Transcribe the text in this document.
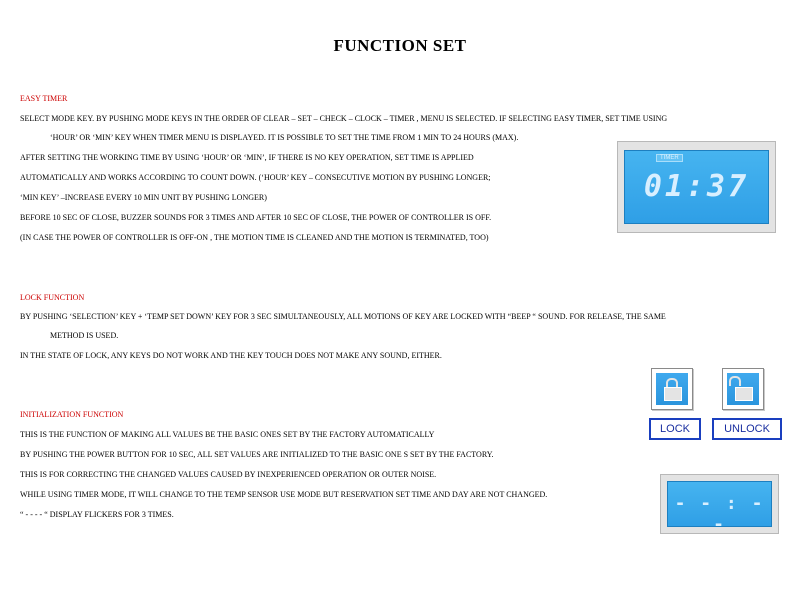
FUNCTION SET
EASY TIMER
SELECT MODE KEY. BY PUSHING MODE KEYS IN THE ORDER OF CLEAR – SET – CHECK – CLOCK – TIMER , MENU IS SELECTED. IF SELECTING EASY TIMER, SET TIME USING
‘HOUR’ OR ‘MIN’ KEY WHEN TIMER MENU IS DISPLAYED. IT IS POSSIBLE TO SET THE TIME FROM 1 MIN TO 24 HOURS (MAX).
AFTER SETTING THE WORKING TIME BY USING ‘HOUR’ OR ‘MIN’, IF THERE IS NO KEY OPERATION, SET TIME IS APPLIED
AUTOMATICALLY AND WORKS ACCORDING TO COUNT DOWN. (‘HOUR’ KEY – CONSECUTIVE MOTION BY PUSHING LONGER;
‘MIN KEY’ –INCREASE EVERY 10 MIN UNIT BY PUSHING LONGER)
BEFORE 10 SEC OF CLOSE, BUZZER SOUNDS FOR 3 TIMES AND AFTER 10 SEC OF CLOSE, THE POWER OF CONTROLLER IS OFF.
(IN CASE THE POWER OF CONTROLLER IS OFF-ON , THE MOTION TIME IS CLEANED AND THE MOTION IS TERMINATED, TOO)
LOCK FUNCTION
BY PUSHING ‘SELECTION’ KEY + ‘TEMP SET DOWN’ KEY FOR 3 SEC SIMULTANEOUSLY, ALL MOTIONS OF KEY ARE LOCKED WITH “BEEP “ SOUND. FOR RELEASE, THE SAME
METHOD IS USED.
IN THE STATE OF LOCK, ANY KEYS DO NOT WORK AND THE KEY TOUCH DOES NOT MAKE ANY SOUND, EITHER.
INITIALIZATION FUNCTION
THIS IS THE FUNCTION OF MAKING ALL VALUES BE THE BASIC ONES SET BY THE FACTORY AUTOMATICALLY
BY PUSHING THE POWER BUTTON FOR 10 SEC, ALL SET VALUES ARE INITIALIZED TO THE BASIC ONE S SET BY THE FACTORY.
THIS IS FOR CORRECTING THE CHANGED VALUES CAUSED BY INEXPERIENCED OPERATION OR OUTER NOISE.
WHILE USING TIMER MODE, IT WILL CHANGE TO THE TEMP SENSOR USE MODE BUT RESERVATION SET TIME AND DAY ARE NOT CHANGED.
“ - - - - “ DISPLAY FLICKERS FOR 3 TIMES.
TIMER
01:37
LOCK	UNLOCK
- - : - -
